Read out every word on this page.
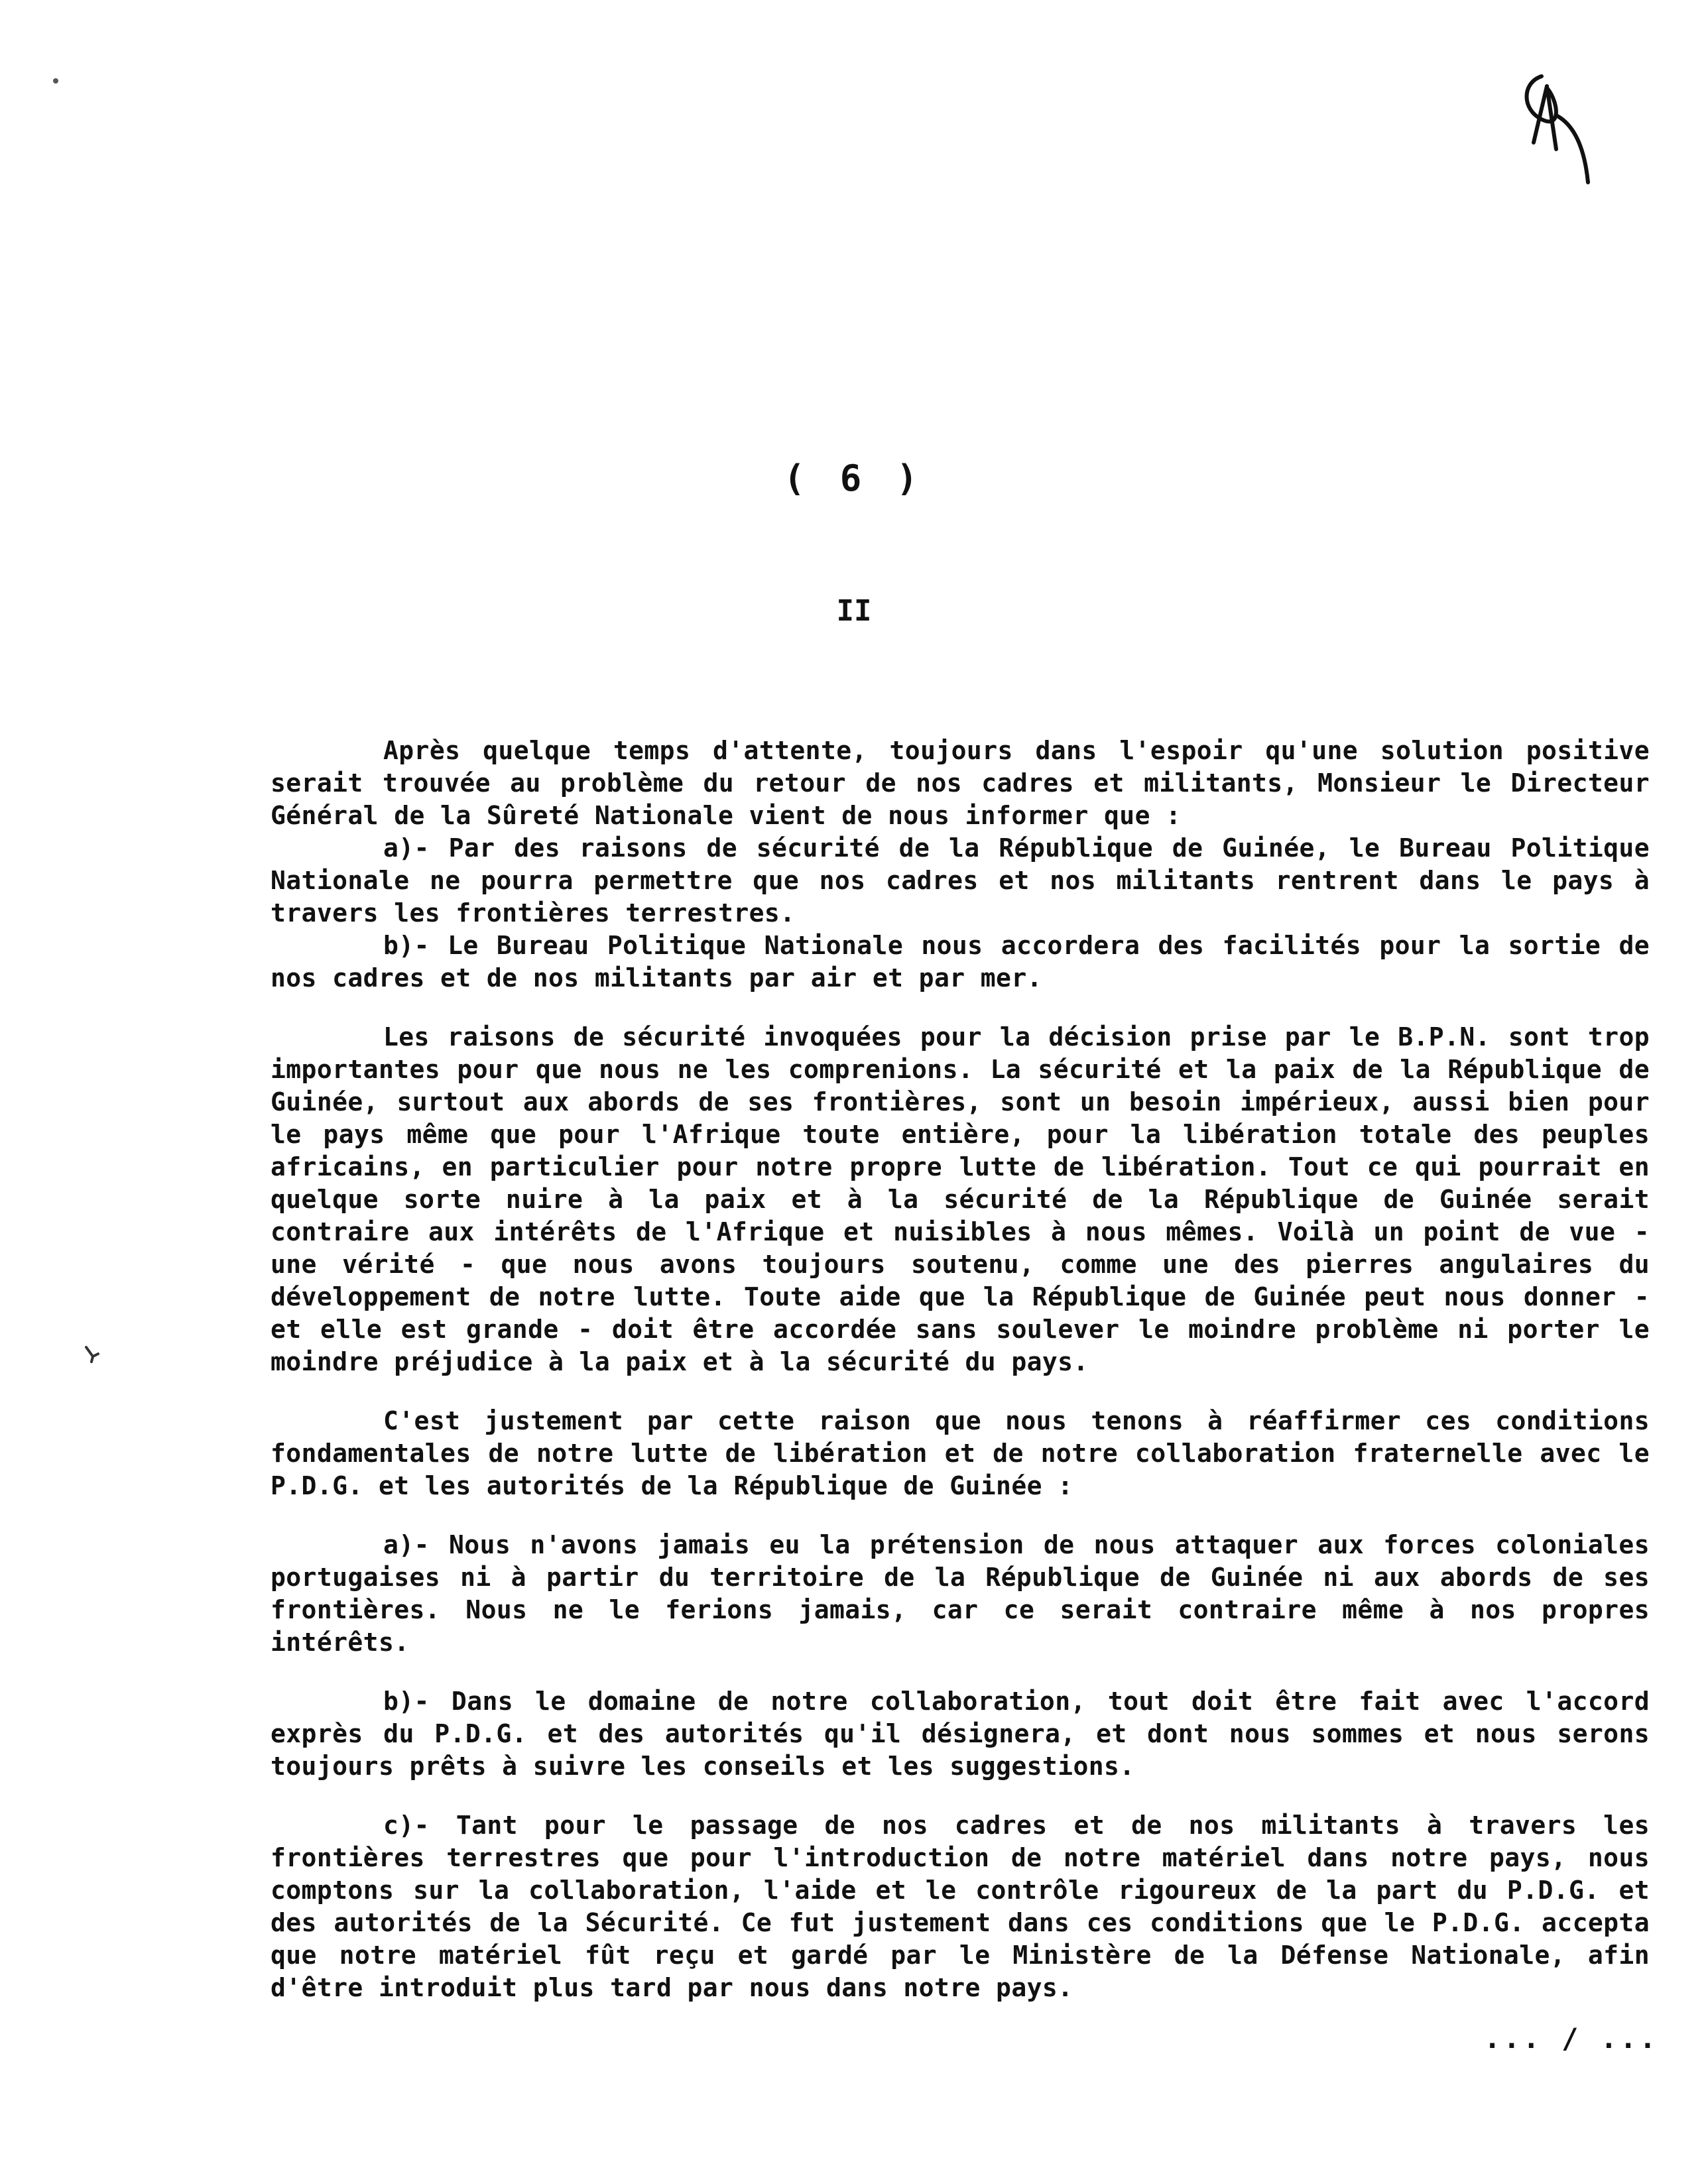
( 6 )
II

Après quelque temps d'attente, toujours dans l'espoir qu'une solution positive serait trouvée au problème du retour de nos cadres et militants, Monsieur le Directeur Général de la Sûreté Nationale vient de nous informer que :

a)- Par des raisons de sécurité de la République de Guinée, le Bureau Politique Nationale ne pourra permettre que nos cadres et nos militants rentrent dans le pays à travers les frontières terrestres.

b)- Le Bureau Politique Nationale nous accordera des facilités pour la sortie de nos cadres et de nos militants par air et par mer.

Les raisons de sécurité invoquées pour la décision prise par le B.P.N. sont trop importantes pour que nous ne les comprenions. La sécurité et la paix de la République de Guinée, surtout aux abords de ses frontières, sont un besoin impérieux, aussi bien pour le pays même que pour l'Afrique toute entière, pour la libération totale des peuples africains, en particulier pour notre propre lutte de libération. Tout ce qui pourrait en quelque sorte nuire à la paix et à la sécurité de la République de Guinée serait contraire aux intérêts de l'Afrique et nuisibles à nous mêmes. Voilà un point de vue - une vérité - que nous avons toujours soutenu, comme une des pierres angulaires du développement de notre lutte. Toute aide que la République de Guinée peut nous donner - et elle est grande - doit être accordée sans soulever le moindre problème ni porter le moindre préjudice à la paix et à la sécurité du pays.

C'est justement par cette raison que nous tenons à réaffirmer ces conditions fondamentales de notre lutte de libération et de notre collaboration fraternelle avec le P.D.G. et les autorités de la République de Guinée :

a)- Nous n'avons jamais eu la prétension de nous attaquer aux forces coloniales portugaises ni à partir du territoire de la République de Guinée ni aux abords de ses frontières. Nous ne le ferions jamais, car ce serait contraire même à nos propres intérêts.

b)- Dans le domaine de notre collaboration, tout doit être fait avec l'accord exprès du P.D.G. et des autorités qu'il désignera, et dont nous sommes et nous serons toujours prêts à suivre les conseils et les suggestions.

c)- Tant pour le passage de nos cadres et de nos militants à travers les frontières terrestres que pour l'introduction de notre matériel dans notre pays, nous comptons sur la collaboration, l'aide et le contrôle rigoureux de la part du P.D.G. et des autorités de la Sécurité. Ce fut justement dans ces conditions que le P.D.G. accepta que notre matériel fût reçu et gardé par le Ministère de la Défense Nationale, afin d'être introduit plus tard par nous dans notre pays.

... / ...
